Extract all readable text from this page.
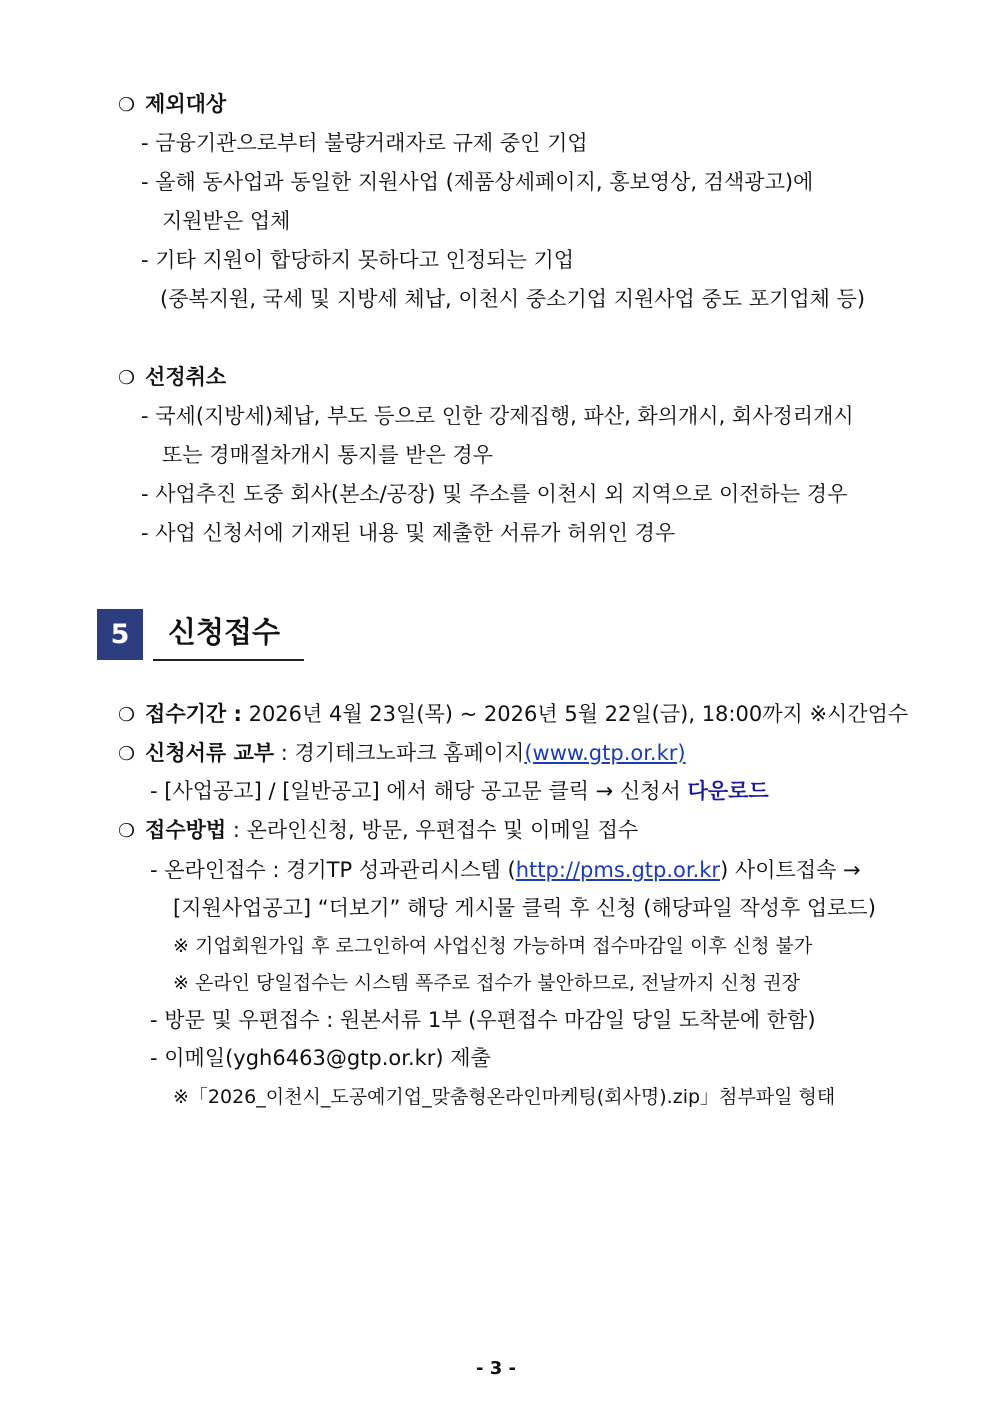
❍ 제외대상
- 금융기관으로부터 불량거래자로 규제 중인 기업
- 올해 동사업과 동일한 지원사업 (제품상세페이지, 홍보영상, 검색광고)에
지원받은 업체
- 기타 지원이 합당하지 못하다고 인정되는 기업
(중복지원, 국세 및 지방세 체납, 이천시 중소기업 지원사업 중도 포기업체 등)
❍ 선정취소
- 국세(지방세)체납, 부도 등으로 인한 강제집행, 파산, 화의개시, 회사정리개시
또는 경매절차개시 통지를 받은 경우
- 사업추진 도중 회사(본소/공장) 및 주소를 이천시 외 지역으로 이전하는 경우
- 사업 신청서에 기재된 내용 및 제출한 서류가 허위인 경우
5	신청접수
❍ 접수기간 : 2026년 4월 23일(목) ~ 2026년 5월 22일(금), 18:00까지 ※시간엄수
❍ 신청서류 교부 : 경기테크노파크 홈페이지(www.gtp.or.kr)
- [사업공고] / [일반공고] 에서 해당 공고문 클릭 → 신청서 다운로드
❍ 접수방법 : 온라인신청, 방문, 우편접수 및 이메일 접수
- 온라인접수 : 경기TP 성과관리시스템 (http://pms.gtp.or.kr) 사이트접속 →
[지원사업공고] “더보기” 해당 게시물 클릭 후 신청 (해당파일 작성후 업로드)
※ 기업회원가입 후 로그인하여 사업신청 가능하며 접수마감일 이후 신청 불가
※ 온라인 당일접수는 시스템 폭주로 접수가 불안하므로, 전날까지 신청 권장
- 방문 및 우편접수 : 원본서류 1부 (우편접수 마감일 당일 도착분에 한함)
- 이메일(ygh6463@gtp.or.kr) 제출
※「2026_이천시_도공예기업_맞춤형온라인마케팅(회사명).zip」첨부파일 형태
- 3 -
